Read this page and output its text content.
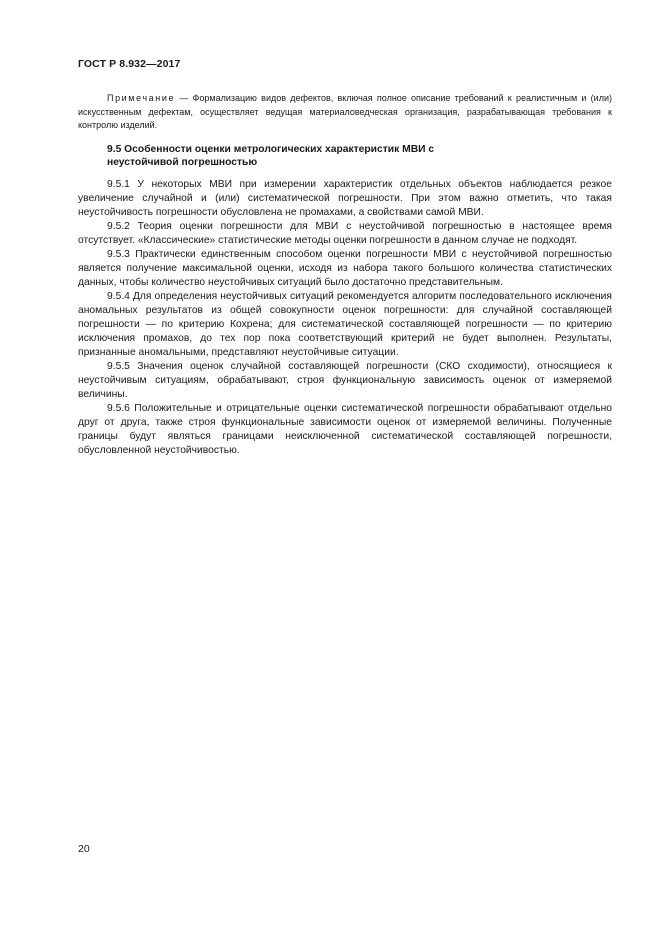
ГОСТ Р 8.932—2017

Примечание — Формализацию видов дефектов, включая полное описание требований к реалистичным и (или) искусственным дефектам, осуществляет ведущая материаловедческая организация, разрабатывающая требования к контролю изделий.

9.5 Особенности оценки метрологических характеристик МВИ с неустойчивой погрешностью

9.5.1 У некоторых МВИ при измерении характеристик отдельных объектов наблюдается резкое увеличение случайной и (или) систематической погрешности. При этом важно отметить, что такая неустойчивость погрешности обусловлена не промахами, а свойствами самой МВИ.

9.5.2 Теория оценки погрешности для МВИ с неустойчивой погрешностью в настоящее время отсутствует. «Классические» статистические методы оценки погрешности в данном случае не подходят.

9.5.3 Практически единственным способом оценки погрешности МВИ с неустойчивой погрешностью является получение максимальной оценки, исходя из набора такого большого количества статистических данных, чтобы количество неустойчивых ситуаций было достаточно представительным.

9.5.4 Для определения неустойчивых ситуаций рекомендуется алгоритм последовательного исключения аномальных результатов из общей совокупности оценок погрешности: для случайной составляющей погрешности — по критерию Кохрена; для систематической составляющей погрешности — по критерию исключения промахов, до тех пор пока соответствующий критерий не будет выполнен. Результаты, признанные аномальными, представляют неустойчивые ситуации.

9.5.5 Значения оценок случайной составляющей погрешности (СКО сходимости), относящиеся к неустойчивым ситуациям, обрабатывают, строя функциональную зависимость оценок от измеряемой величины.

9.5.6 Положительные и отрицательные оценки систематической погрешности обрабатывают отдельно друг от друга, также строя функциональные зависимости оценок от измеряемой величины. Полученные границы будут являться границами неисключенной систематической составляющей погрешности, обусловленной неустойчивостью.

20
